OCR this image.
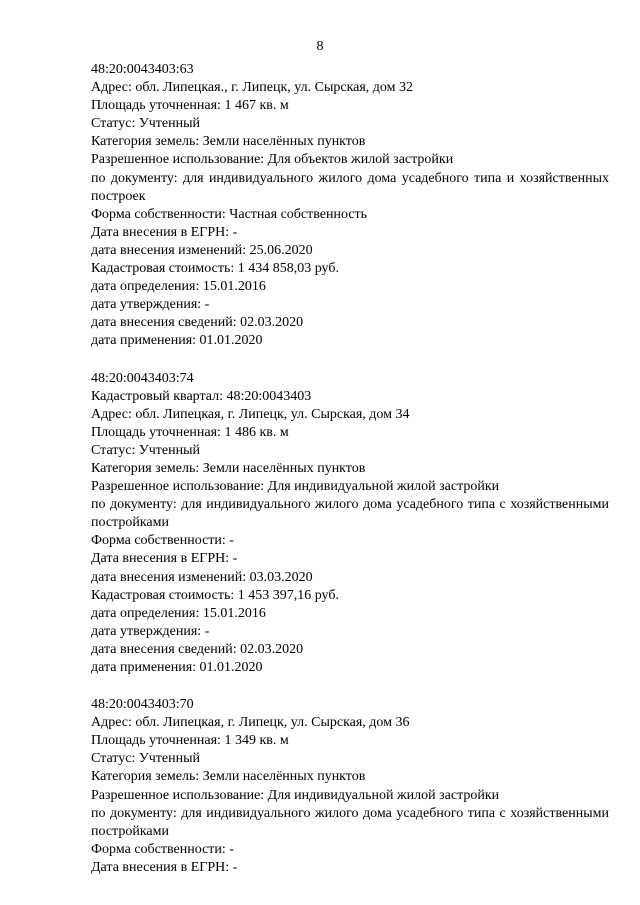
8
48:20:0043403:63
Адрес: обл. Липецкая., г. Липецк, ул. Сырская, дом 32
Площадь уточненная: 1 467 кв. м
Статус: Учтенный
Категория земель: Земли населённых пунктов
Разрешенное использование: Для объектов жилой застройки
по документу: для индивидуального жилого дома усадебного типа и хозяйственных построек
Форма собственности: Частная собственность
Дата внесения в ЕГРН: -
дата внесения изменений: 25.06.2020
Кадастровая стоимость: 1 434 858,03 руб.
дата определения: 15.01.2016
дата утверждения: -
дата внесения сведений: 02.03.2020
дата применения: 01.01.2020
48:20:0043403:74
Кадастровый квартал: 48:20:0043403
Адрес: обл. Липецкая, г. Липецк, ул. Сырская, дом 34
Площадь уточненная: 1 486 кв. м
Статус: Учтенный
Категория земель: Земли населённых пунктов
Разрешенное использование: Для индивидуальной жилой застройки
по документу: для индивидуального жилого дома усадебного типа с хозяйственными постройками
Форма собственности: -
Дата внесения в ЕГРН: -
дата внесения изменений: 03.03.2020
Кадастровая стоимость: 1 453 397,16 руб.
дата определения: 15.01.2016
дата утверждения: -
дата внесения сведений: 02.03.2020
дата применения: 01.01.2020
48:20:0043403:70
Адрес: обл. Липецкая, г. Липецк, ул. Сырская, дом 36
Площадь уточненная: 1 349 кв. м
Статус: Учтенный
Категория земель: Земли населённых пунктов
Разрешенное использование: Для индивидуальной жилой застройки
по документу: для индивидуального жилого дома усадебного типа с хозяйственными постройками
Форма собственности: -
Дата внесения в ЕГРН: -
